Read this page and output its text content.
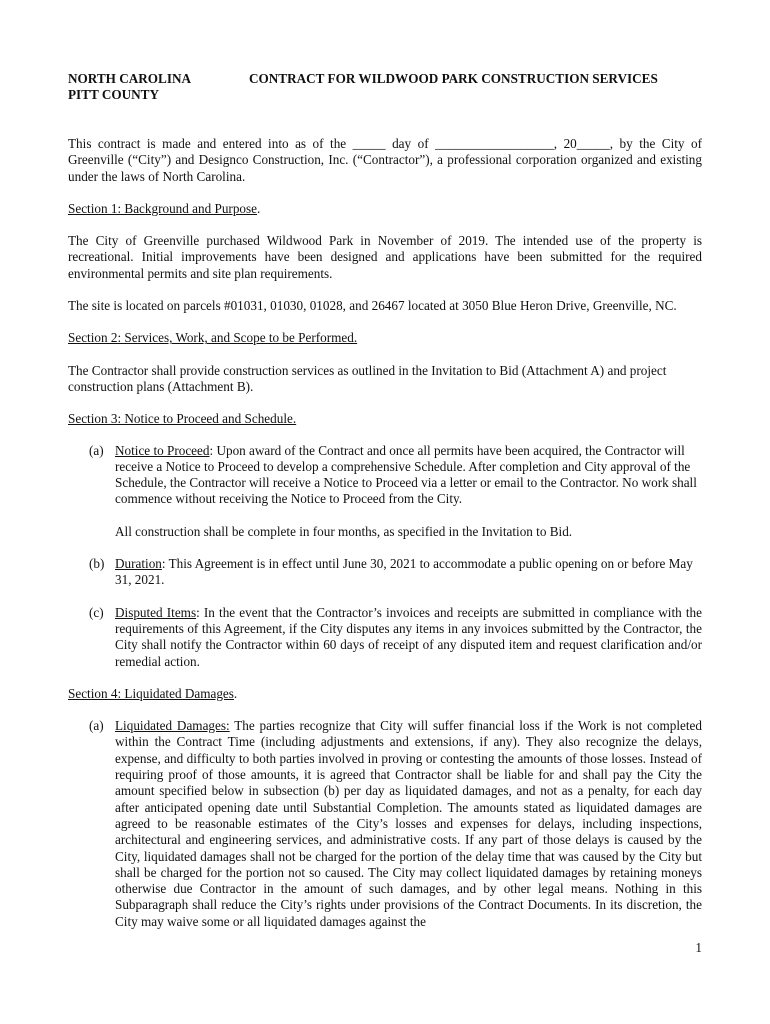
NORTH CAROLINA
PITT COUNTY
CONTRACT FOR WILDWOOD PARK CONSTRUCTION SERVICES

This contract is made and entered into as of the _____ day of __________________, 20_____, by the City of Greenville (“City”) and Designco Construction, Inc. (“Contractor”), a professional corporation organized and existing under the laws of North Carolina.

Section 1: Background and Purpose.

The City of Greenville purchased Wildwood Park in November of 2019. The intended use of the property is recreational. Initial improvements have been designed and applications have been submitted for the required environmental permits and site plan requirements.

The site is located on parcels #01031, 01030, 01028, and 26467 located at 3050 Blue Heron Drive, Greenville, NC.

Section 2: Services, Work, and Scope to be Performed.

The Contractor shall provide construction services as outlined in the Invitation to Bid (Attachment A) and project construction plans (Attachment B).

Section 3: Notice to Proceed and Schedule.

(a) Notice to Proceed: Upon award of the Contract and once all permits have been acquired, the Contractor will receive a Notice to Proceed to develop a comprehensive Schedule. After completion and City approval of the Schedule, the Contractor will receive a Notice to Proceed via a letter or email to the Contractor. No work shall commence without receiving the Notice to Proceed from the City.

All construction shall be complete in four months, as specified in the Invitation to Bid.

(b) Duration: This Agreement is in effect until June 30, 2021 to accommodate a public opening on or before May 31, 2021.

(c) Disputed Items: In the event that the Contractor’s invoices and receipts are submitted in compliance with the requirements of this Agreement, if the City disputes any items in any invoices submitted by the Contractor, the City shall notify the Contractor within 60 days of receipt of any disputed item and request clarification and/or remedial action.

Section 4: Liquidated Damages.

(a) Liquidated Damages: The parties recognize that City will suffer financial loss if the Work is not completed within the Contract Time (including adjustments and extensions, if any). They also recognize the delays, expense, and difficulty to both parties involved in proving or contesting the amounts of those losses. Instead of requiring proof of those amounts, it is agreed that Contractor shall be liable for and shall pay the City the amount specified below in subsection (b) per day as liquidated damages, and not as a penalty, for each day after anticipated opening date until Substantial Completion. The amounts stated as liquidated damages are agreed to be reasonable estimates of the City’s losses and expenses for delays, including inspections, architectural and engineering services, and administrative costs. If any part of those delays is caused by the City, liquidated damages shall not be charged for the portion of the delay time that was caused by the City but shall be charged for the portion not so caused. The City may collect liquidated damages by retaining moneys otherwise due Contractor in the amount of such damages, and by other legal means. Nothing in this Subparagraph shall reduce the City’s rights under provisions of the Contract Documents. In its discretion, the City may waive some or all liquidated damages against the

1
